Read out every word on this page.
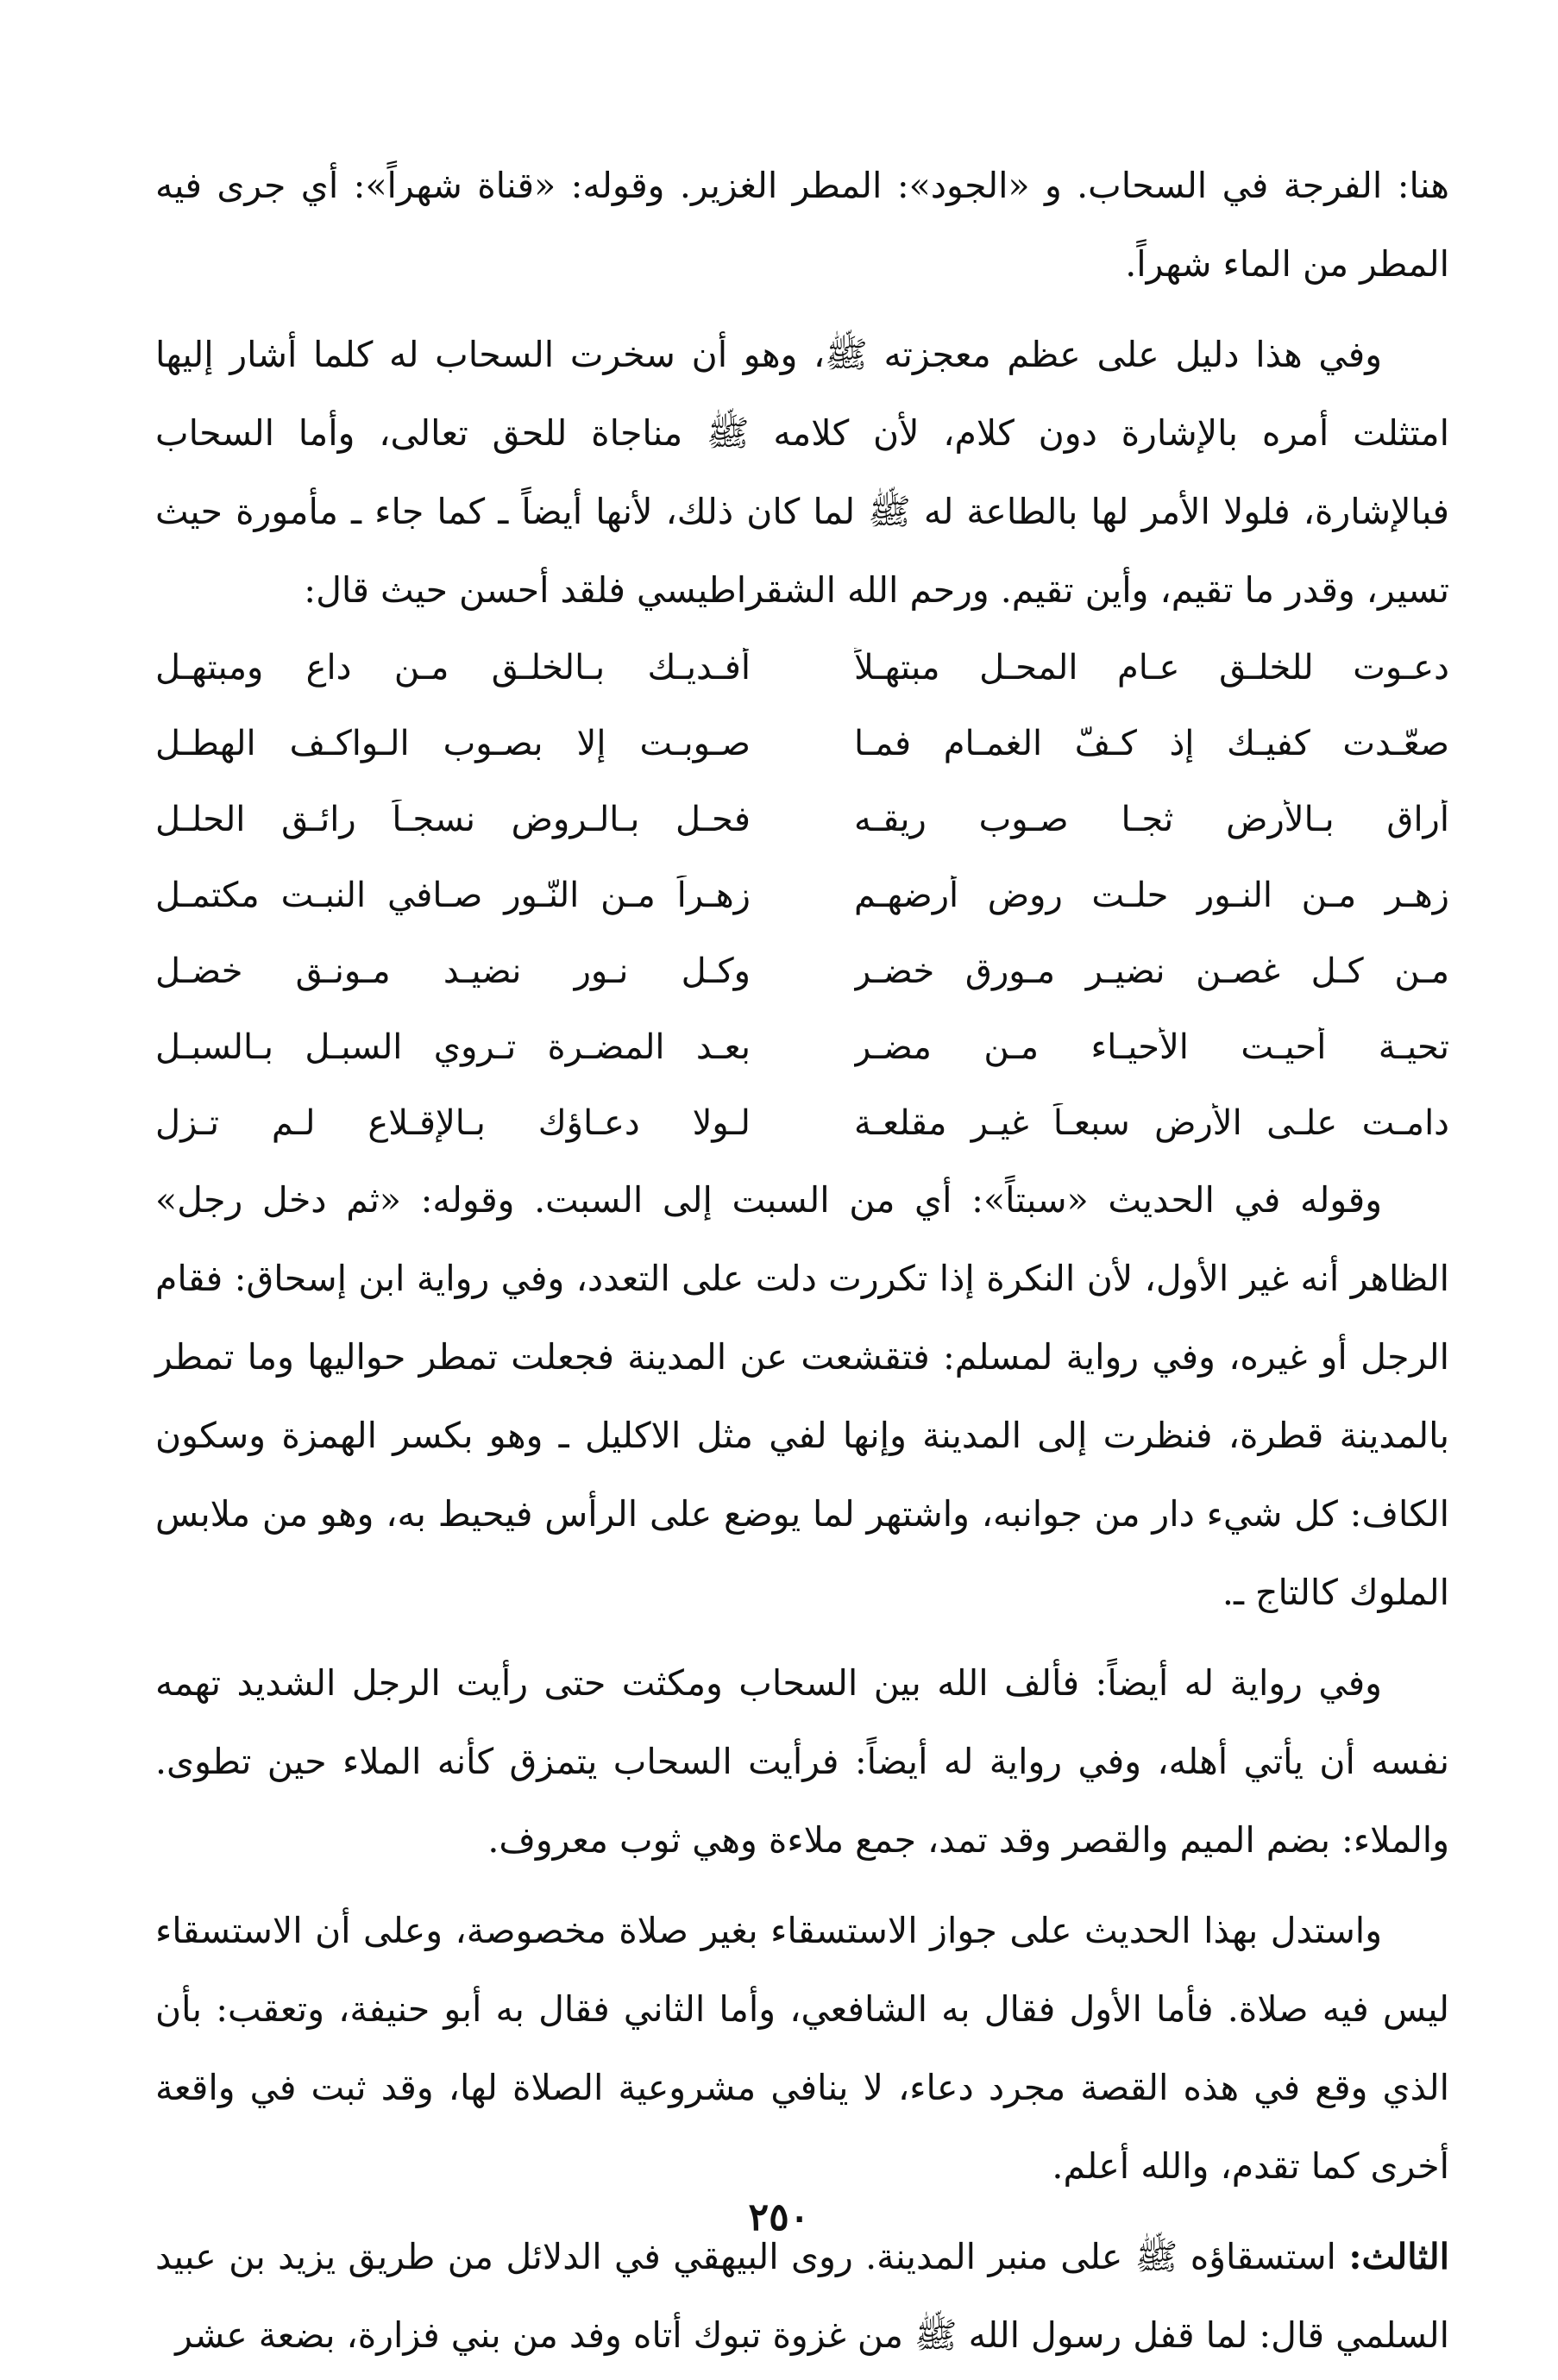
هنا: الفرجة في السحاب. و «الجود»: المطر الغزير. وقوله: «قناة شهراً»: أي جرى فيه المطر من الماء شهراً.

وفي هذا دليل على عظم معجزته ﷺ، وهو أن سخرت السحاب له كلما أشار إليها امتثلت أمره بالإشارة دون كلام، لأن كلامه ﷺ مناجاة للحق تعالى، وأما السحاب فبالإشارة، فلولا الأمر لها بالطاعة له ﷺ لما كان ذلك، لأنها أيضاً ـ كما جاء ـ مأمورة حيث تسير، وقدر ما تقيم، وأين تقيم. ورحم الله الشقراطيسي فلقد أحسن حيث قال:

دعـوت للخلـق عـام المحـل مبتهـلاً
أفـديـك بـالخلـق مـن داع ومبتهـل
صعّـدت كفيـك إذ كـفّ الغمـام فمـا
صـوبـت إلا بصـوب الـواكـف الهطـل
أراق بـالأرض ثجـا صـوب ريقـه
فحـل بـالـروض نسجـاً رائـق الحلـل
زهـر مـن النـور حلـت روض أرضهـم
زهـراً مـن النّـور صـافي النبـت مكتمـل
مـن كـل غصـن نضيـر مـورق خضـر
وكـل نـور نضيـد مـونـق خضـل
تحيـة أحيـت الأحيـاء مـن مضـر
بعـد المضـرة تـروي السبـل بـالسبـل
دامـت علـى الأرض سبعـاً غيـر مقلعـة
لـولا دعـاؤك بـالإقـلاع لـم تـزل

وقوله في الحديث «سبتاً»: أي من السبت إلى السبت. وقوله: «ثم دخل رجل» الظاهر أنه غير الأول، لأن النكرة إذا تكررت دلت على التعدد، وفي رواية ابن إسحاق: فقام الرجل أو غيره، وفي رواية لمسلم: فتقشعت عن المدينة فجعلت تمطر حواليها وما تمطر بالمدينة قطرة، فنظرت إلى المدينة وإنها لفي مثل الاكليل ـ وهو بكسر الهمزة وسكون الكاف: كل شيء دار من جوانبه، واشتهر لما يوضع على الرأس فيحيط به، وهو من ملابس الملوك كالتاج ـ.

وفي رواية له أيضاً: فألف الله بين السحاب ومكثت حتى رأيت الرجل الشديد تهمه نفسه أن يأتي أهله، وفي رواية له أيضاً: فرأيت السحاب يتمزق كأنه الملاء حين تطوى. والملاء: بضم الميم والقصر وقد تمد، جمع ملاءة وهي ثوب معروف.

واستدل بهذا الحديث على جواز الاستسقاء بغير صلاة مخصوصة، وعلى أن الاستسقاء ليس فيه صلاة. فأما الأول فقال به الشافعي، وأما الثاني فقال به أبو حنيفة، وتعقب: بأن الذي وقع في هذه القصة مجرد دعاء، لا ينافي مشروعية الصلاة لها، وقد ثبت في واقعة أخرى كما تقدم، والله أعلم.

الثالث: استسقاؤه ﷺ على منبر المدينة. روى البيهقي في الدلائل من طريق يزيد بن عبيد السلمي قال: لما قفل رسول الله ﷺ من غزوة تبوك أتاه وفد من بني فزارة، بضعة عشر

٢٥٠
